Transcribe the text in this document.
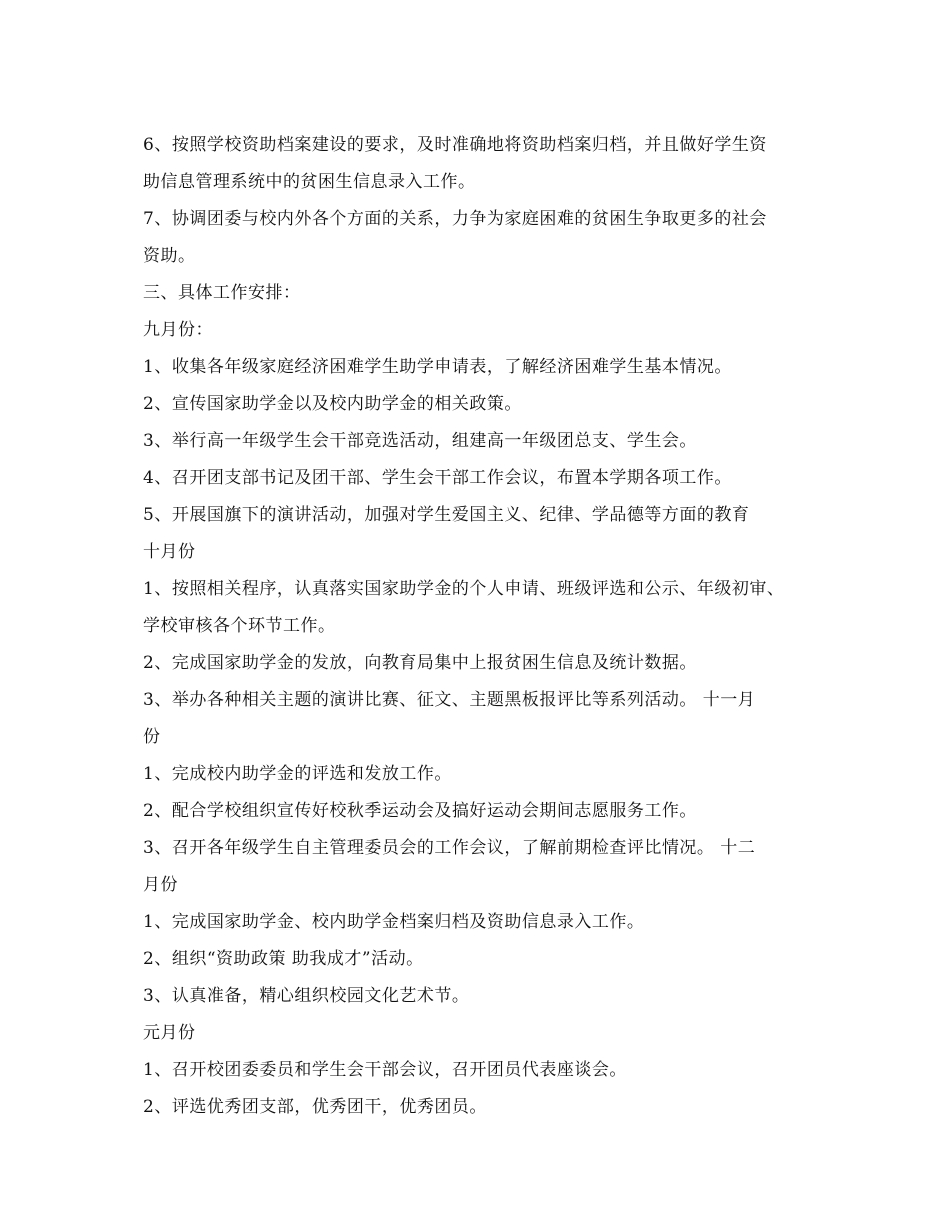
6、按照学校资助档案建设的要求，及时准确地将资助档案归档，并且做好学生资
助信息管理系统中的贫困生信息录入工作。
7、协调团委与校内外各个方面的关系，力争为家庭困难的贫困生争取更多的社会
资助。
三、具体工作安排：
九月份：
1、收集各年级家庭经济困难学生助学申请表，了解经济困难学生基本情况。
2、宣传国家助学金以及校内助学金的相关政策。
3、举行高一年级学生会干部竞选活动，组建高一年级团总支、学生会。
4、召开团支部书记及团干部、学生会干部工作会议，布置本学期各项工作。
5、开展国旗下的演讲活动，加强对学生爱国主义、纪律、学品德等方面的教育
十月份
1、按照相关程序，认真落实国家助学金的个人申请、班级评选和公示、年级初审、
学校审核各个环节工作。
2、完成国家助学金的发放，向教育局集中上报贫困生信息及统计数据。
3、举办各种相关主题的演讲比赛、征文、主题黑板报评比等系列活动。 十一月
份
1、完成校内助学金的评选和发放工作。
2、配合学校组织宣传好校秋季运动会及搞好运动会期间志愿服务工作。
3、召开各年级学生自主管理委员会的工作会议，了解前期检查评比情况。 十二
月份
1、完成国家助学金、校内助学金档案归档及资助信息录入工作。
2、组织“资助政策 助我成才”活动。
3、认真准备，精心组织校园文化艺术节。
元月份
1、召开校团委委员和学生会干部会议，召开团员代表座谈会。
2、评选优秀团支部，优秀团干，优秀团员。
